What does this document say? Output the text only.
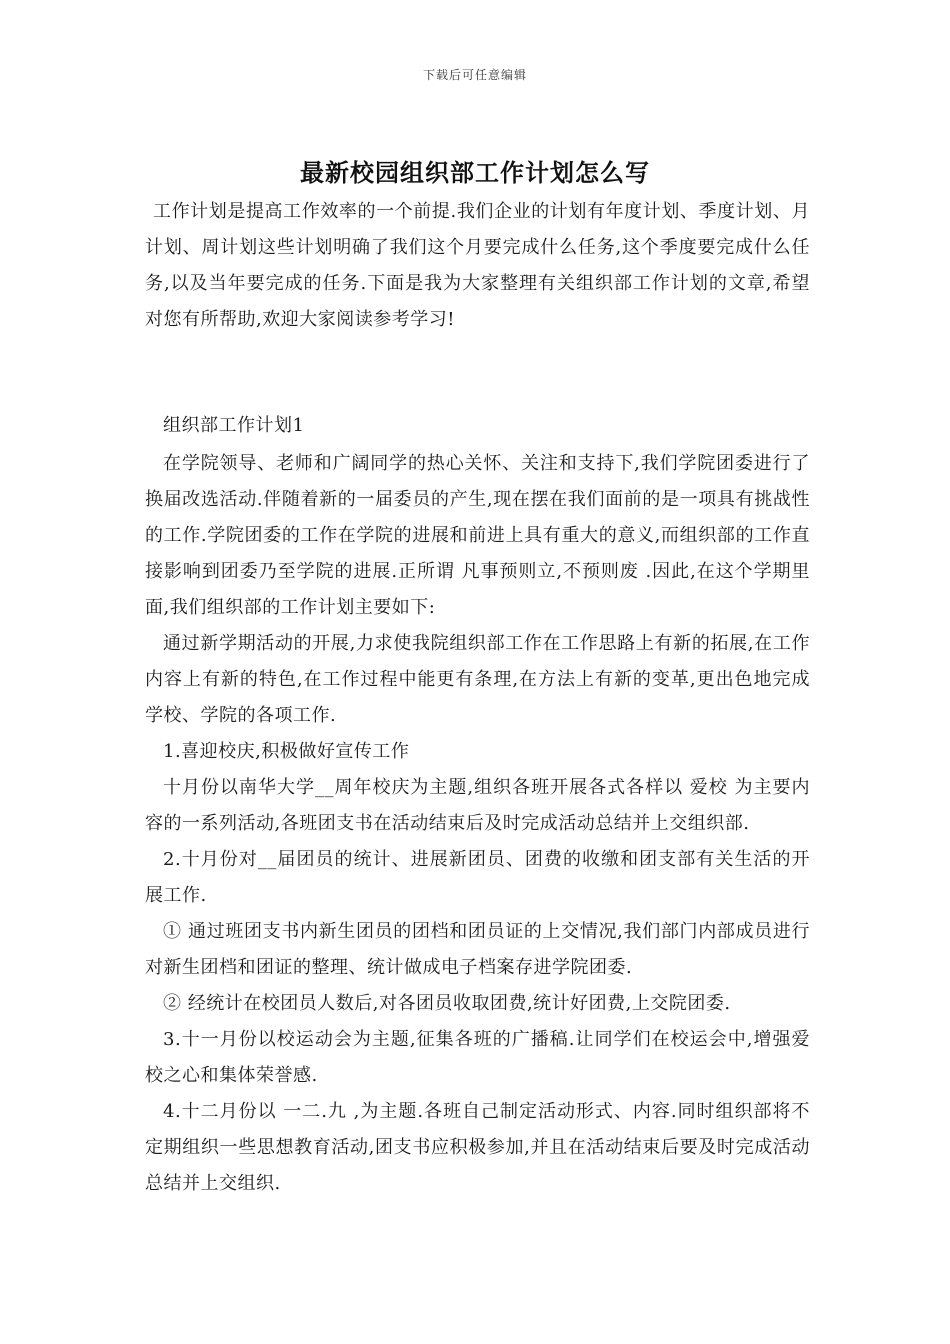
下载后可任意编辑
最新校园组织部工作计划怎么写

工作计划是提高工作效率的一个前提.我们企业的计划有年度计划、季度计划、月计划、周计划这些计划明确了我们这个月要完成什么任务,这个季度要完成什么任务,以及当年要完成的任务.下面是我为大家整理有关组织部工作计划的文章,希望对您有所帮助,欢迎大家阅读参考学习!

组织部工作计划1

在学院领导、老师和广阔同学的热心关怀、关注和支持下,我们学院团委进行了换届改选活动.伴随着新的一届委员的产生,现在摆在我们面前的是一项具有挑战性的工作.学院团委的工作在学院的进展和前进上具有重大的意义,而组织部的工作直接影响到团委乃至学院的进展.正所谓 凡事预则立,不预则废 .因此,在这个学期里面,我们组织部的工作计划主要如下:

通过新学期活动的开展,力求使我院组织部工作在工作思路上有新的拓展,在工作内容上有新的特色,在工作过程中能更有条理,在方法上有新的变革,更出色地完成学校、学院的各项工作.

1.喜迎校庆,积极做好宣传工作

十月份以南华大学__周年校庆为主题,组织各班开展各式各样以 爱校 为主要内容的一系列活动,各班团支书在活动结束后及时完成活动总结并上交组织部.

2.十月份对__届团员的统计、进展新团员、团费的收缴和团支部有关生活的开展工作.

① 通过班团支书内新生团员的团档和团员证的上交情况,我们部门内部成员进行对新生团档和团证的整理、统计做成电子档案存进学院团委.

② 经统计在校团员人数后,对各团员收取团费,统计好团费,上交院团委.

3.十一月份以校运动会为主题,征集各班的广播稿.让同学们在校运会中,增强爱校之心和集体荣誉感.

4.十二月份以 一二.九 ,为主题.各班自己制定活动形式、内容.同时组织部将不定期组织一些思想教育活动,团支书应积极参加,并且在活动结束后要及时完成活动总结并上交组织.
